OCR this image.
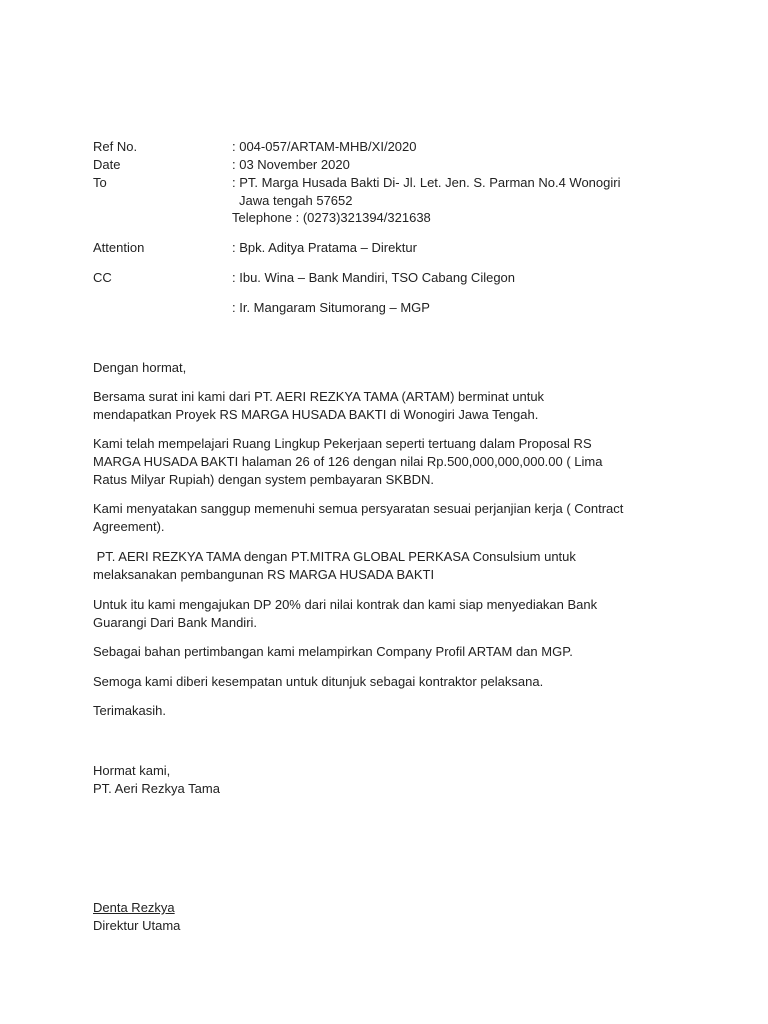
Ref No.	: 004-057/ARTAM-MHB/XI/2020
Date	: 03 November 2020
To	: PT. Marga Husada Bakti Di- Jl. Let. Jen. S. Parman No.4 Wonogiri
Jawa tengah 57652
Telephone : (0273)321394/321638
Attention	: Bpk. Aditya Pratama – Direktur
CC	: Ibu. Wina – Bank Mandiri, TSO Cabang Cilegon
: Ir. Mangaram Situmorang – MGP

Dengan hormat,

Bersama surat ini kami dari PT. AERI REZKYA TAMA (ARTAM) berminat untuk

mendapatkan Proyek RS MARGA HUSADA BAKTI di Wonogiri Jawa Tengah.

Kami telah mempelajari Ruang Lingkup Pekerjaan seperti tertuang dalam Proposal RS

MARGA HUSADA BAKTI halaman 26 of 126 dengan nilai Rp.500,000,000,000.00 ( Lima

Ratus Milyar Rupiah) dengan system pembayaran SKBDN.

Kami menyatakan sanggup memenuhi semua persyaratan sesuai perjanjian kerja ( Contract

Agreement).

PT. AERI REZKYA TAMA dengan PT.MITRA GLOBAL PERKASA Consulsium untuk

melaksanakan pembangunan RS MARGA HUSADA BAKTI

Untuk itu kami mengajukan DP 20% dari nilai kontrak dan kami siap menyediakan Bank

Guarangi Dari Bank Mandiri.

Sebagai bahan pertimbangan kami melampirkan Company Profil ARTAM dan MGP.

Semoga kami diberi kesempatan untuk ditunjuk sebagai kontraktor pelaksana.

Terimakasih.

Hormat kami,

PT. Aeri Rezkya Tama

Denta Rezkya

Direktur Utama
